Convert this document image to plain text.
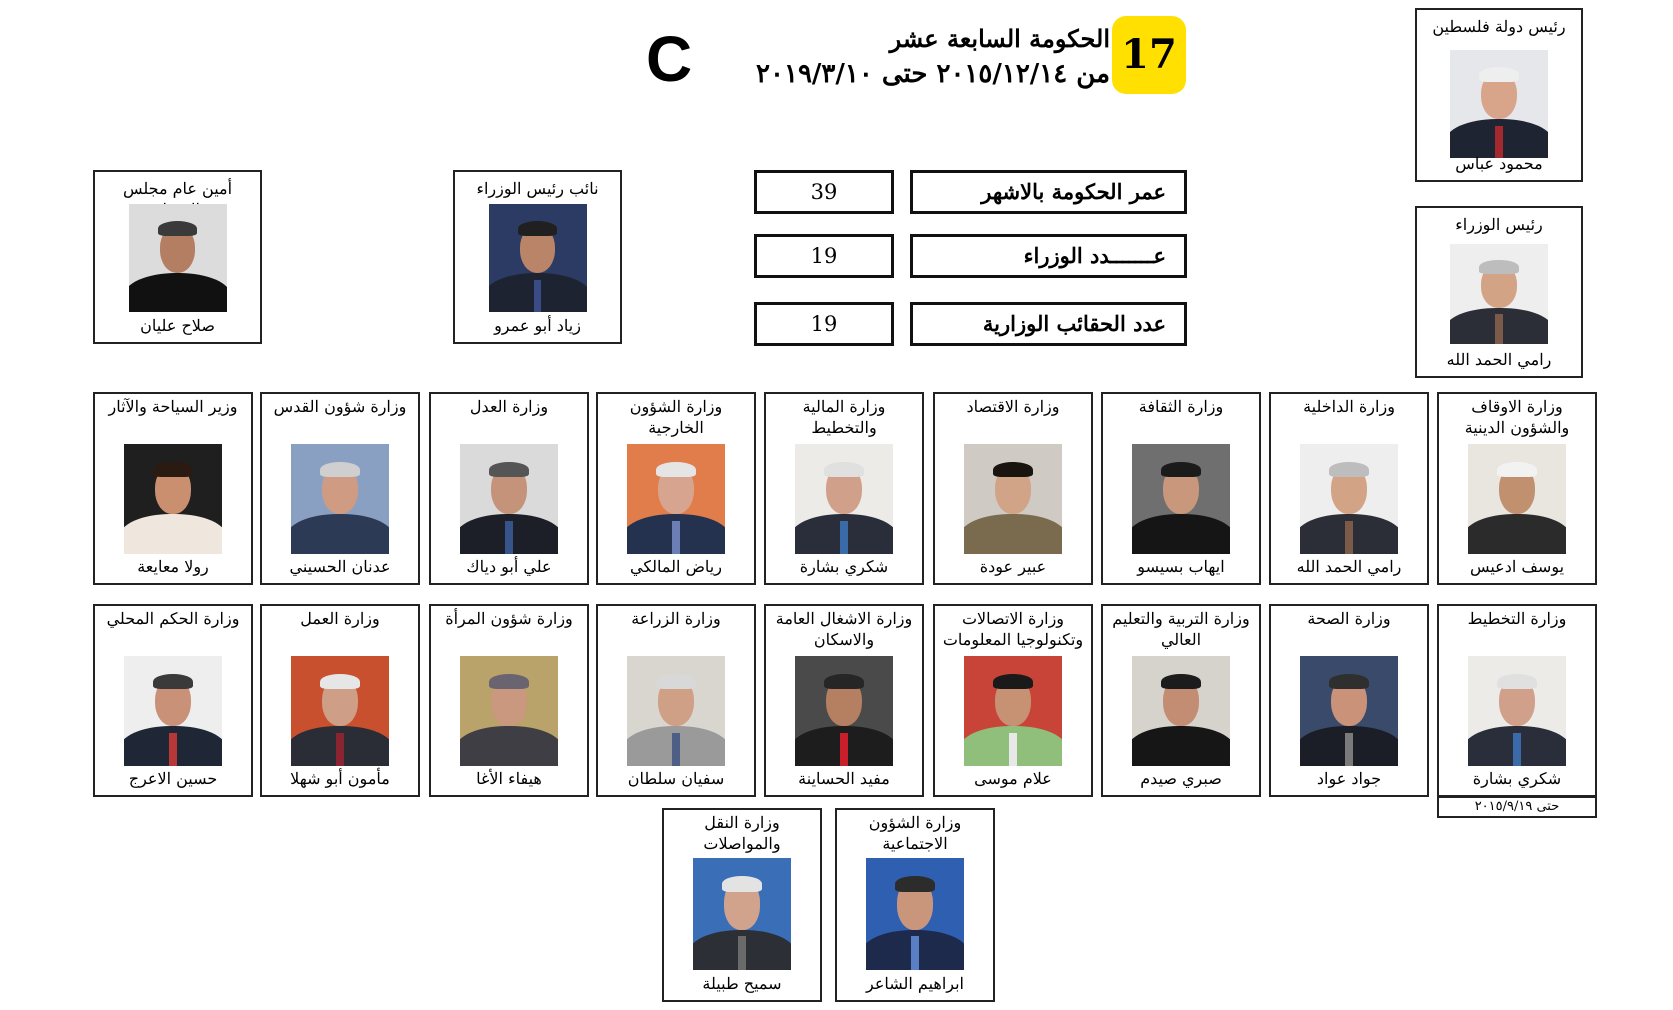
17
الحكومة السابعة عشر
من ٢٠١٥/١٢/١٤ حتى ٢٠١٩/٣/١٠
C
عمر الحكومة بالاشهر
39
عـــــــدد الوزراء
19
عدد الحقائب الوزارية
19
رئيس دولة فلسطين
محمود عباس
رئيس الوزراء
رامي الحمد الله
نائب رئيس الوزراء
زياد أبو عمرو
أمين عام مجلس
صلاح عليان
وزارة الاوقاف والشؤون الدينية
يوسف ادعيس
وزارة الداخلية
رامي الحمد الله
وزارة الثقافة
ايهاب بسيسو
وزارة الاقتصاد
عبير عودة
وزارة المالية والتخطيط
شكري بشارة
وزارة الشؤون الخارجية
رياض المالكي
وزارة العدل
علي أبو دياك
وزارة شؤون القدس
عدنان الحسيني
وزير السياحة والآثار
رولا معايعة
وزارة التخطيط
شكري بشارة
وزارة الصحة
جواد عواد
وزارة التربية والتعليم العالي
صبري صيدم
وزارة الاتصالات وتكنولوجيا المعلومات
علام موسى
وزارة الاشغال العامة والاسكان
مفيد الحساينة
وزارة الزراعة
سفيان سلطان
وزارة شؤون المرأة
هيفاء الأغا
وزارة العمل
مأمون أبو شهلا
وزارة الحكم المحلي
حسين الاعرج
وزارة الشؤون الاجتماعية
ابراهيم الشاعر
وزارة النقل والمواصلات
سميح طبيلة
حتى ٢٠١٥/٩/١٩
